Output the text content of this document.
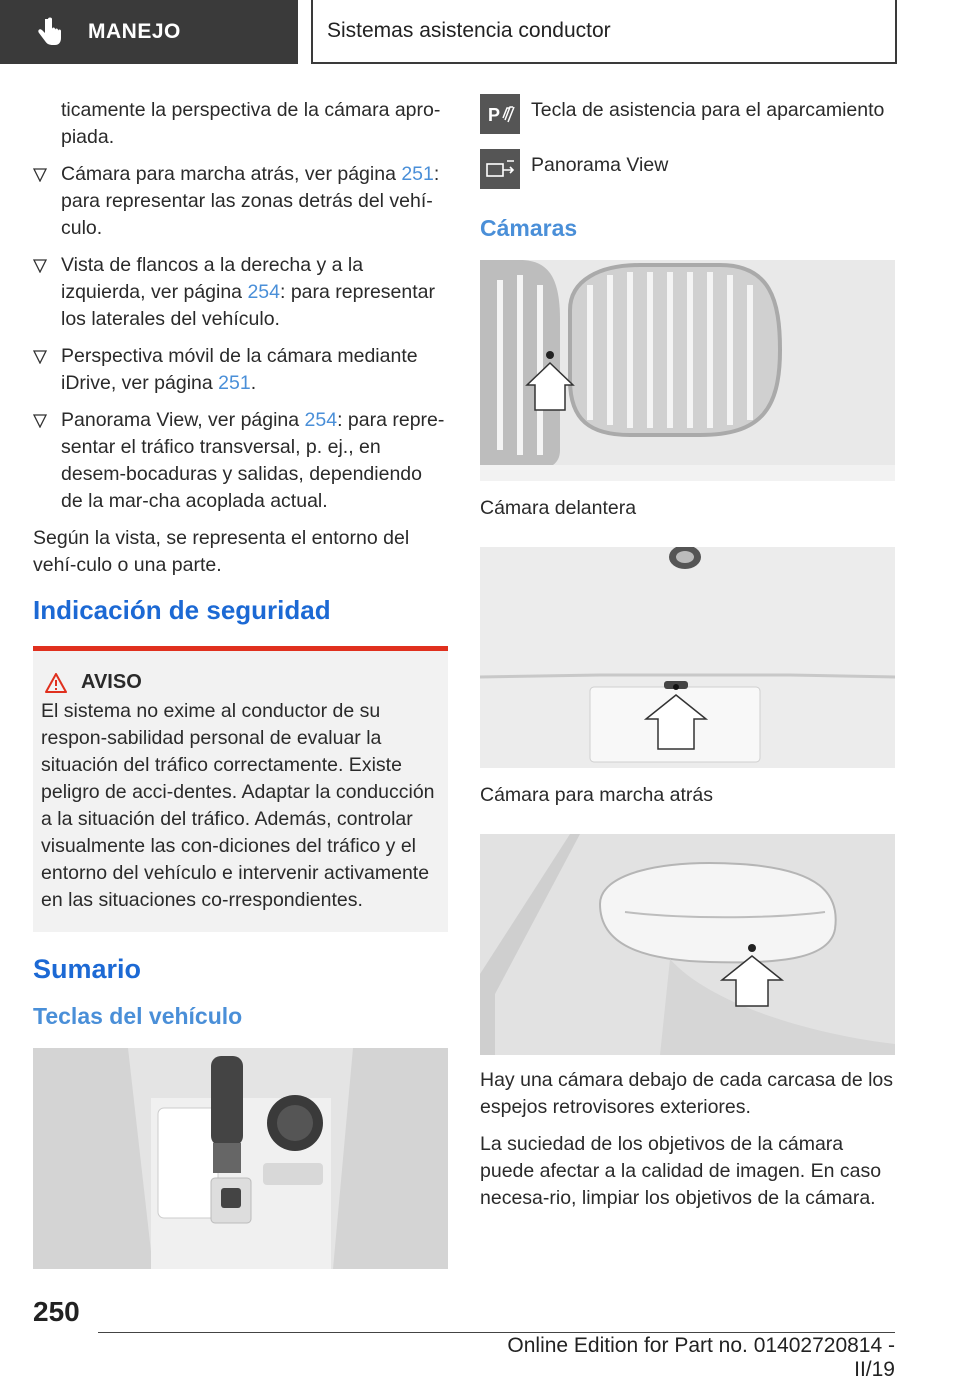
MANEJO	Sistemas asistencia conductor

ticamente la perspectiva de la cámara apro-piada.

Cámara para marcha atrás, ver página 251: para representar las zonas detrás del vehí-culo.
Vista de flancos a la derecha y a la izquierda, ver página 254: para representar los laterales del vehículo.
Perspectiva móvil de la cámara mediante iDrive, ver página 251.
Panorama View, ver página 254: para repre-sentar el tráfico transversal, p. ej., en desem-bocaduras y salidas, dependiendo de la mar-cha acoplada actual.

Según la vista, se representa el entorno del vehí-culo o una parte.

Indicación de seguridad
AVISO

El sistema no exime al conductor de su respon-sabilidad personal de evaluar la situación del tráfico correctamente. Existe peligro de acci-dentes. Adaptar la conducción a la situación del tráfico. Además, controlar visualmente las con-diciones del tráfico y el entorno del vehículo e intervenir activamente en las situaciones co-rrespondientes.

Sumario
Teclas del vehículo
P Tecla de asistencia para el aparcamiento
Panorama View
Cámaras

Cámara delantera

Cámara para marcha atrás

Hay una cámara debajo de cada carcasa de los espejos retrovisores exteriores.

La suciedad de los objetivos de la cámara puede afectar a la calidad de imagen. En caso necesa-rio, limpiar los objetivos de la cámara.

250
Online Edition for Part no. 01402720814 - II/19
